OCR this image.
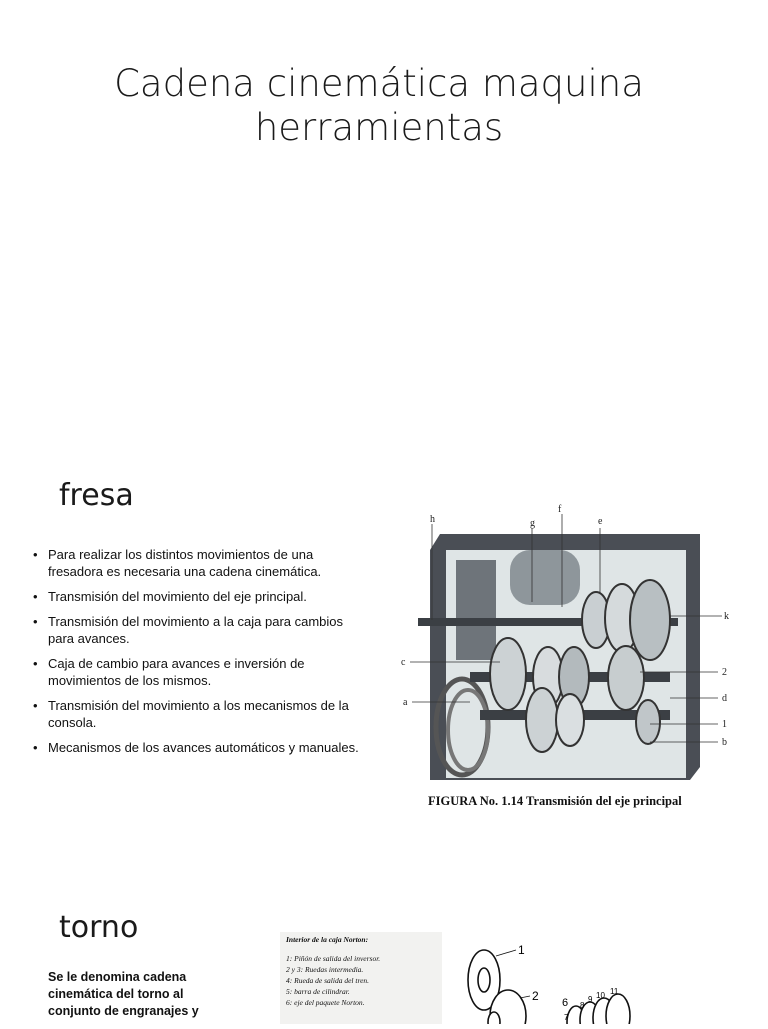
Cadena cinemática maquina
herramientas
fresa
• Para realizar los distintos movimientos de una fresadora es necesaria una cadena cinemática.
• Transmisión del movimiento del eje principal.
• Transmisión del movimiento a la caja para cambios para avances.
• Caja de cambio para avances e inversión de movimientos de los mismos.
• Transmisión del movimiento a los mecanismos de la consola.
• Mecanismos de los avances automáticos y manuales.
h	g
f
e
k
c
2
a	d
1
b
FIGURA No. 1.14 Transmisión del eje principal
torno
Se le denomina cadena cinemática del torno al conjunto de engranajes y
Interior de la caja Norton:
1: Piñón de salida del inversor.
2 y 3: Ruedas intermedia.
4: Rueda de salida del tren.
5: barra de cilindrar.
6: eje del paquete Norton.
1
2 6
7
8
9 10 11
